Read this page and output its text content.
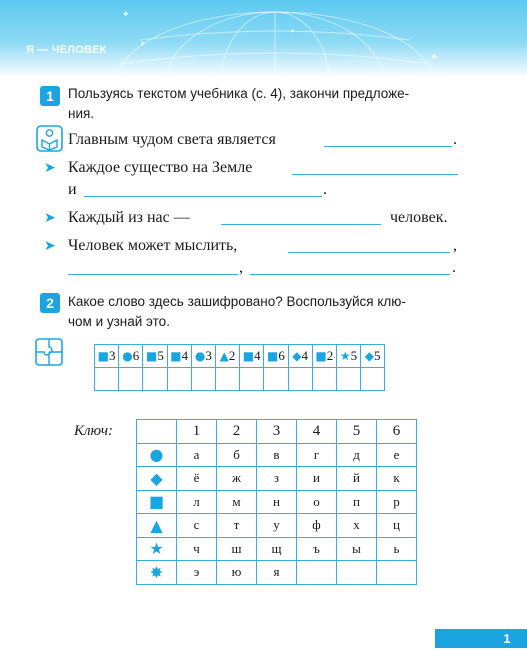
✦
✦
✦
✦
Я — ЧЕЛОВЕК
1	Пользуясь текстом учебника (с. 4), закончи предложе-
ния.
Главным чудом света является	.
➤ Каждое существо на Земле
и	.
➤ Каждый из нас —	человек.
➤ Человек может мыслить,	,
,	.
2	Какое слово здесь зашифровано? Воспользуйся клю-
чом и узнай это.
■3	●6	■5	■4	●3	▲2	■4	■6	◆4	■2	★5	◆5

Ключ:
		1	2	3	4	5	6
●	а	б	в	г	д	е
◆	ё	ж	з	и	й	к
■	л	м	н	о	п	р
▲	с	т	у	ф	х	ц
★	ч	ш	щ	ъ	ы	ь
✸	э	ю	я			
1
